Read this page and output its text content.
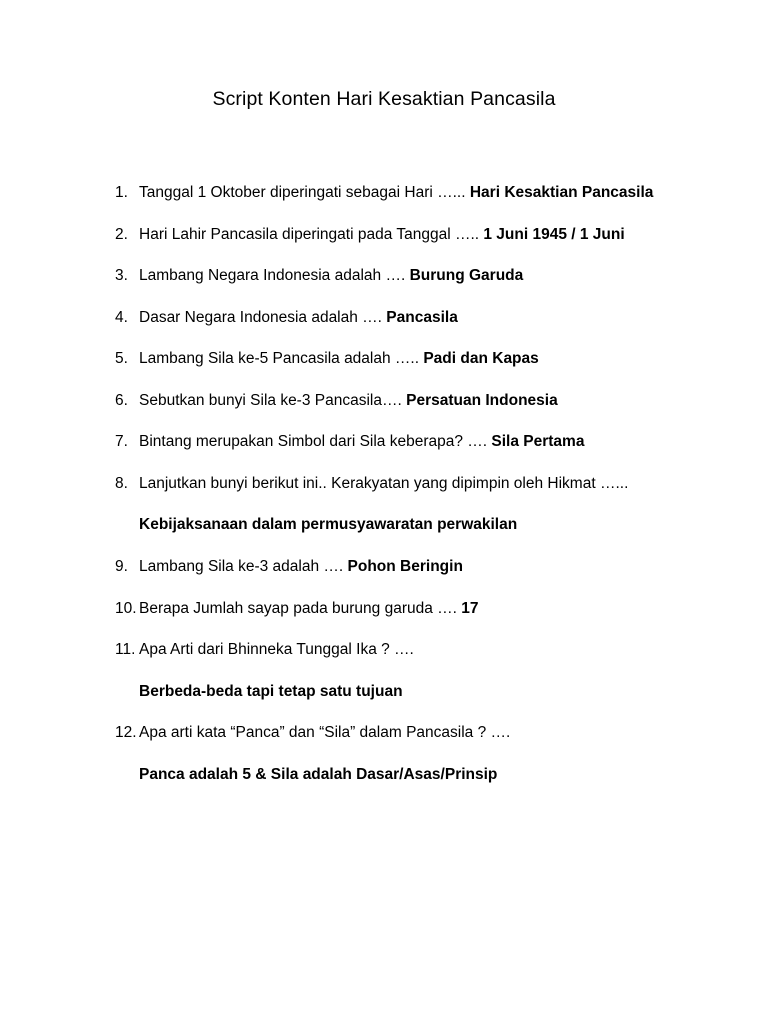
Script Konten Hari Kesaktian Pancasila
1. Tanggal 1 Oktober diperingati sebagai Hari …... Hari Kesaktian Pancasila
2. Hari Lahir Pancasila diperingati pada Tanggal ….. 1 Juni 1945 / 1 Juni
3. Lambang Negara Indonesia adalah …. Burung Garuda
4. Dasar Negara Indonesia adalah …. Pancasila
5. Lambang Sila ke-5 Pancasila adalah ….. Padi dan Kapas
6. Sebutkan bunyi Sila ke-3 Pancasila…. Persatuan Indonesia
7. Bintang merupakan Simbol dari Sila keberapa? …. Sila Pertama
8. Lanjutkan bunyi berikut ini.. Kerakyatan yang dipimpin oleh Hikmat …...
Kebijaksanaan dalam permusyawaratan perwakilan
9. Lambang Sila ke-3 adalah …. Pohon Beringin
10. Berapa Jumlah sayap pada burung garuda …. 17
11. Apa Arti dari Bhinneka Tunggal Ika ? ….
Berbeda-beda tapi tetap satu tujuan
12. Apa arti kata “Panca” dan “Sila” dalam Pancasila ? ….
Panca adalah 5 & Sila adalah Dasar/Asas/Prinsip
